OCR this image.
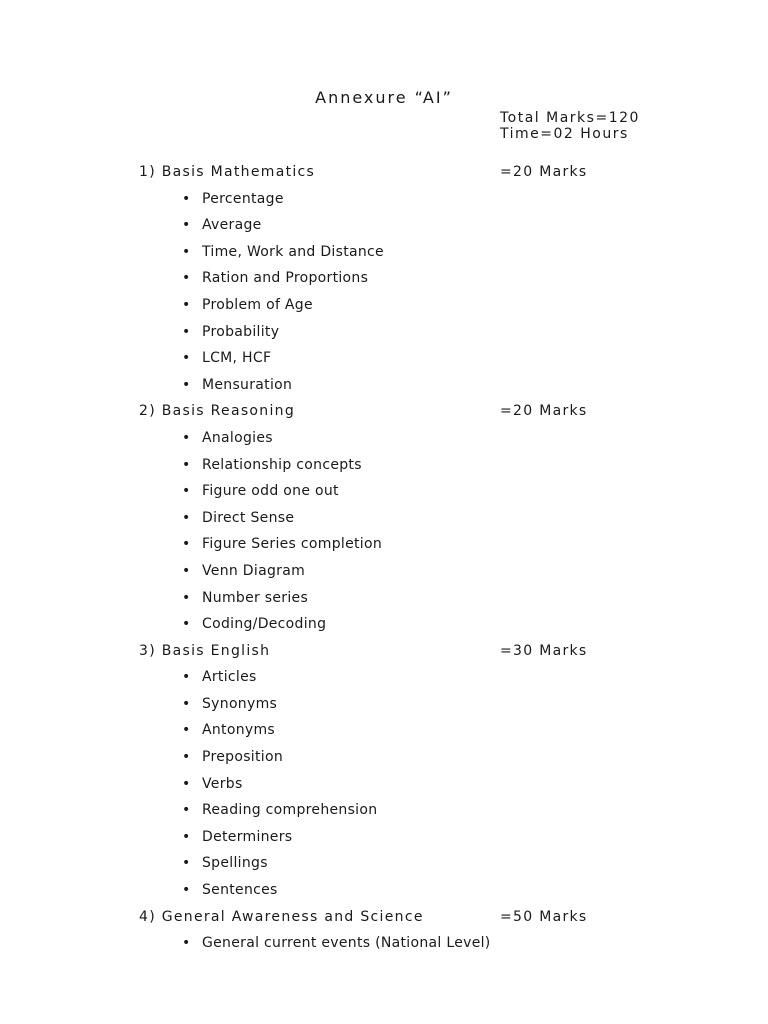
Annexure “AI”
Total Marks=120
Time=02 Hours
1) Basis Mathematics	=20 Marks
• Percentage
• Average
• Time, Work and Distance
• Ration and Proportions
• Problem of Age
• Probability
• LCM, HCF
• Mensuration
2) Basis Reasoning	=20 Marks
• Analogies
• Relationship concepts
• Figure odd one out
• Direct Sense
• Figure Series completion
• Venn Diagram
• Number series
• Coding/Decoding
3) Basis English	=30 Marks
• Articles
• Synonyms
• Antonyms
• Preposition
• Verbs
• Reading comprehension
• Determiners
• Spellings
• Sentences
4) General Awareness and Science	=50 Marks
• General current events (National Level)
